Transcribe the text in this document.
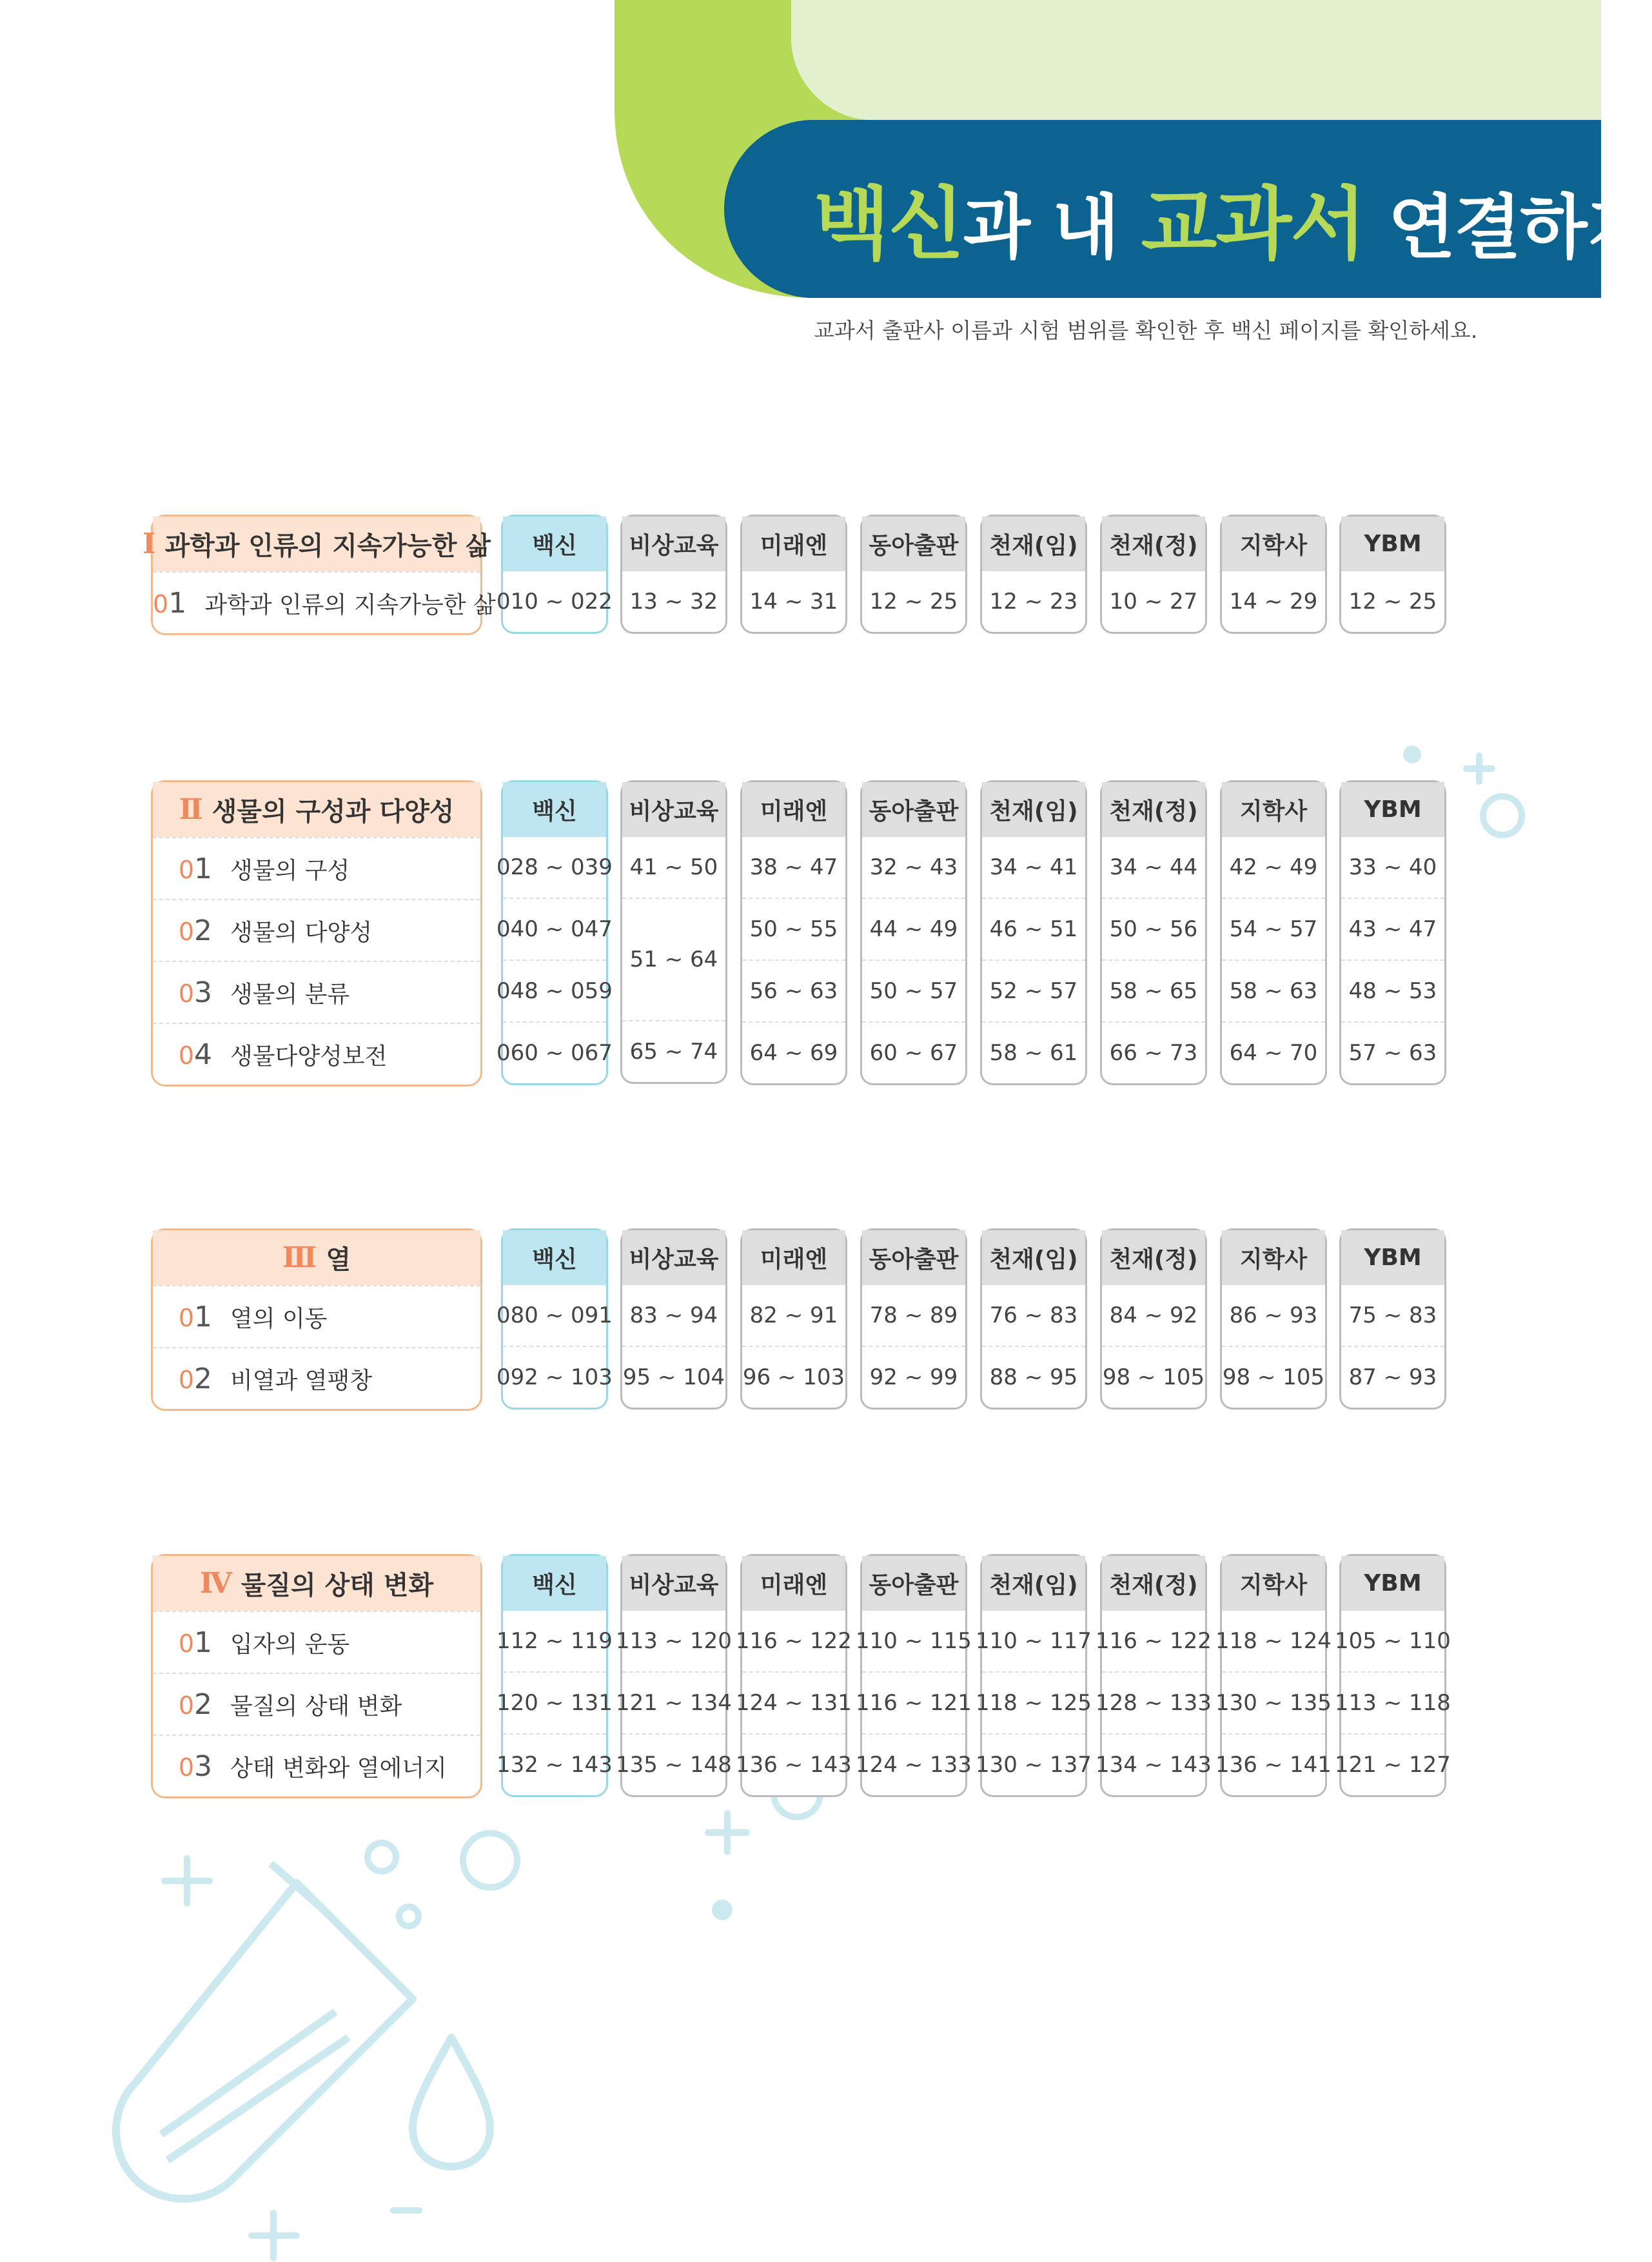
백신과 내 교과서 연결하기
교과서 출판사 이름과 시험 범위를 확인한 후 백신 페이지를 확인하세요.
Ⅰ 과학과 인류의 지속가능한 삶
01 과학과 인류의 지속가능한 삶
백신
010 ~ 022
비상교육
13 ~ 32
미래엔
14 ~ 31
동아출판
12 ~ 25
천재(임)
12 ~ 23
천재(정)
10 ~ 27
지학사
14 ~ 29
YBM
12 ~ 25
Ⅱ 생물의 구성과 다양성
01 생물의 구성
02 생물의 다양성
03 생물의 분류
04 생물다양성보전
백신
028 ~ 039
040 ~ 047
048 ~ 059
060 ~ 067
비상교육
41 ~ 50
51 ~ 64
65 ~ 74
미래엔
38 ~ 47
50 ~ 55
56 ~ 63
64 ~ 69
동아출판
32 ~ 43
44 ~ 49
50 ~ 57
60 ~ 67
천재(임)
34 ~ 41
46 ~ 51
52 ~ 57
58 ~ 61
천재(정)
34 ~ 44
50 ~ 56
58 ~ 65
66 ~ 73
지학사
42 ~ 49
54 ~ 57
58 ~ 63
64 ~ 70
YBM
33 ~ 40
43 ~ 47
48 ~ 53
57 ~ 63
Ⅲ 열
01 열의 이동
02 비열과 열팽창
백신
080 ~ 091
092 ~ 103
비상교육
83 ~ 94
95 ~ 104
미래엔
82 ~ 91
96 ~ 103
동아출판
78 ~ 89
92 ~ 99
천재(임)
76 ~ 83
88 ~ 95
천재(정)
84 ~ 92
98 ~ 105
지학사
86 ~ 93
98 ~ 105
YBM
75 ~ 83
87 ~ 93
Ⅳ 물질의 상태 변화
01 입자의 운동
02 물질의 상태 변화
03 상태 변화와 열에너지
백신
112 ~ 119
120 ~ 131
132 ~ 143
비상교육
113 ~ 120
121 ~ 134
135 ~ 148
미래엔
116 ~ 122
124 ~ 131
136 ~ 143
동아출판
110 ~ 115
116 ~ 121
124 ~ 133
천재(임)
110 ~ 117
118 ~ 125
130 ~ 137
천재(정)
116 ~ 122
128 ~ 133
134 ~ 143
지학사
118 ~ 124
130 ~ 135
136 ~ 141
YBM
105 ~ 110
113 ~ 118
121 ~ 127
